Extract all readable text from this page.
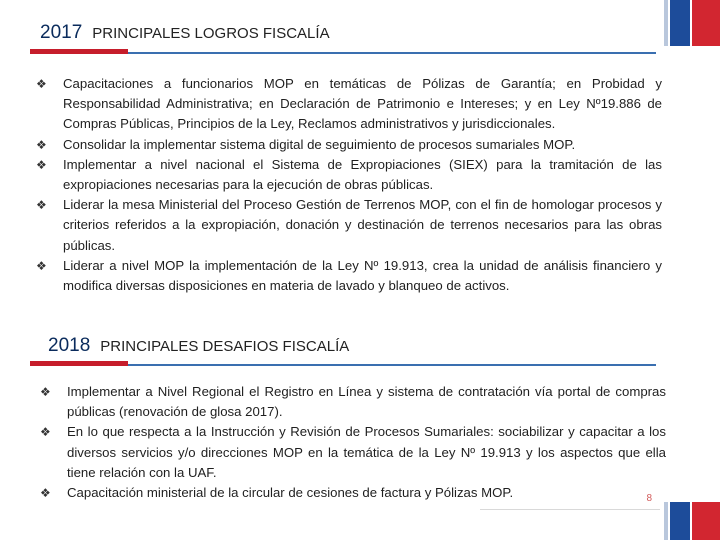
2017 PRINCIPALES LOGROS FISCALÍA
❖ Capacitaciones a funcionarios MOP en temáticas de Pólizas de Garantía; en Probidad y Responsabilidad Administrativa; en Declaración de Patrimonio e Intereses; y en Ley Nº19.886 de Compras Públicas, Principios de la Ley, Reclamos administrativos y jurisdiccionales.
❖ Consolidar la implementar sistema digital de seguimiento de procesos sumariales MOP.
❖ Implementar a nivel nacional el Sistema de Expropiaciones (SIEX) para la tramitación de las expropiaciones necesarias para la ejecución de obras públicas.
❖ Liderar la mesa Ministerial del Proceso Gestión de Terrenos MOP, con el fin de homologar procesos y criterios referidos a la expropiación, donación y destinación de terrenos necesarios para las obras públicas.
❖ Liderar a nivel MOP la implementación de la Ley Nº 19.913, crea la unidad de análisis financiero y modifica diversas disposiciones en materia de lavado y blanqueo de activos.
2018 PRINCIPALES DESAFIOS FISCALÍA
❖ Implementar a Nivel Regional el Registro en Línea y sistema de contratación vía portal de compras públicas (renovación de glosa 2017).
❖ En lo que respecta a la Instrucción y Revisión de Procesos Sumariales: sociabilizar y capacitar a los diversos servicios y/o direcciones MOP en la temática de la Ley Nº 19.913 y los aspectos que ella tiene relación con la UAF.
❖ Capacitación ministerial de la circular de cesiones de factura y Pólizas MOP.	8
